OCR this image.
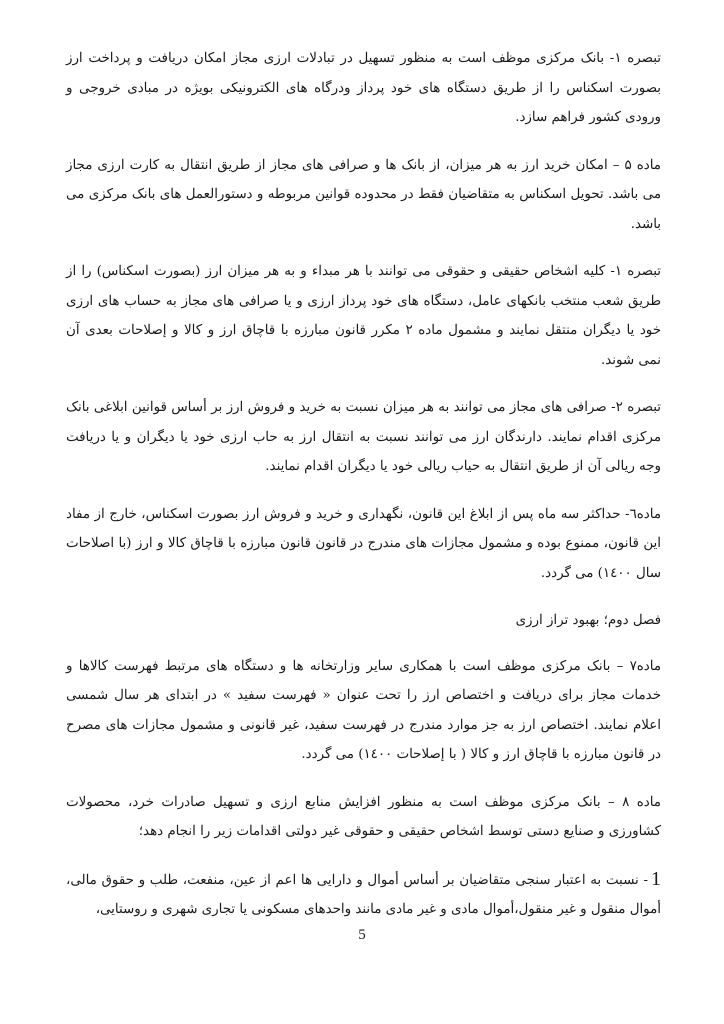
تبصره ۱- بانک مرکزی موظف است به منظور تسهیل در تبادلات ارزی مجاز امکان دریافت و پرداخت ارز بصورت اسکناس را از طریق دستگاه های خود پرداز ودرگاه های الکترونیکی بویژه در مبادی خروجی و ورودی کشور فراهم سازد.

ماده ۵ – امکان خرید ارز به هر میزان، از بانک ها و صرافی های مجاز از طریق انتقال به کارت ارزی مجاز می باشد. تحویل اسکناس به متقاضیان فقط در محدوده قوانین مربوطه و دستورالعمل های بانک مرکزی می باشد.

تبصره ۱- کلیه اشخاص حقیقی و حقوقی می توانند با هر مبداء و به هر میزان ارز (بصورت اسکناس) را از طریق شعب منتخب بانکهای عامل، دستگاه های خود پرداز ارزی و یا صرافی های مجاز به حساب های ارزی خود یا دیگران منتقل نمایند و مشمول ماده ۲ مکرر قانون مبارزه با قاچاق ارز و کالا و إصلاحات بعدی آن نمی شوند.

تبصره ۲- صرافی های مجاز می توانند به هر میزان نسبت به خرید و فروش ارز بر أساس قوانین ابلاغی بانک مرکزی اقدام نمایند. دارندگان ارز می توانند نسبت به انتقال ارز به حاب ارزی خود یا دیگران و یا دریافت وجه ریالی آن از طریق انتقال به حیاب ریالی خود یا دیگران اقدام نمایند.

ماده٦- حداکثر سه ماه پس از ابلاغ این قانون، نگهداری و خرید و فروش ارز بصورت اسکناس، خارج از مفاد این قانون، ممنوع بوده و مشمول مجازات های مندرج در قانون قانون مبارزه با قاچاق کالا و ارز (با اصلاحات سال ۱٤۰۰) می گردد.

فصل دوم؛ بهبود تراز ارزی

ماده۷ – بانک مرکزی موظف است با همکاری سایر وزارتخانه ها و دستگاه های مرتبط فهرست کالاها و خدمات مجاز برای دریافت و اختصاص ارز را تحت عنوان « فهرست سفید » در ابتدای هر سال شمسی اعلام نمایند. اختصاص ارز به جز موارد مندرج در فهرست سفید، غیر قانونی و مشمول مجازات های مصرح در قانون مبارزه با قاچاق ارز و کالا ( با إصلاحات ۱٤۰۰) می گردد.

ماده ۸ – بانک مرکزی موظف است به منظور افزایش منابع ارزی و تسهیل صادرات خرد، محصولات کشاورزی و صنایع دستی توسط اشخاص حقیقی و حقوقی غیر دولتی اقدامات زیر را انجام دهد؛

1- نسبت به اعتبار سنجی متقاضیان بر أساس أموال و دارایی ها اعم از عین، منفعت، طلب و حقوق مالی، أموال منقول و غیر منقول،أموال مادی و غیر مادی مانند واحدهای مسکونی یا تجاری شهری و روستایی،

5
